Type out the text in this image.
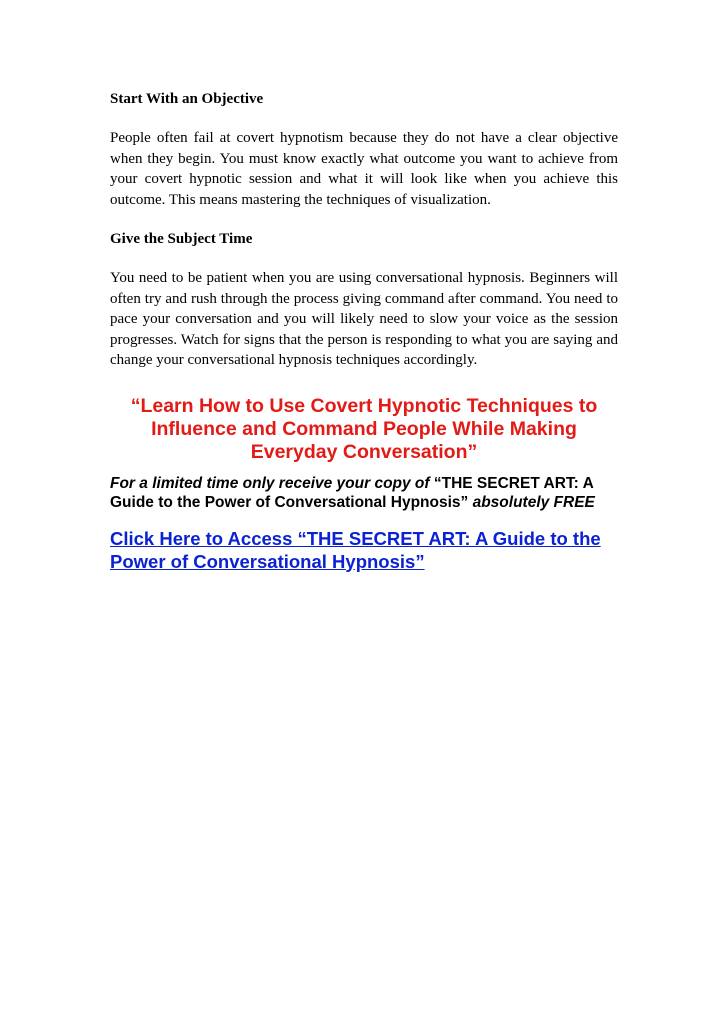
Start With an Objective
People often fail at covert hypnotism because they do not have a clear objective when they begin. You must know exactly what outcome you want to achieve from your covert hypnotic session and what it will look like when you achieve this outcome. This means mastering the techniques of visualization.
Give the Subject Time
You need to be patient when you are using conversational hypnosis. Beginners will often try and rush through the process giving command after command. You need to pace your conversation and you will likely need to slow your voice as the session progresses. Watch for signs that the person is responding to what you are saying and change your conversational hypnosis techniques accordingly.
“Learn How to Use Covert Hypnotic Techniques to Influence and Command People While Making Everyday Conversation”
For a limited time only receive your copy of “THE SECRET ART: A Guide to the Power of Conversational Hypnosis” absolutely FREE
Click Here to Access “THE SECRET ART: A Guide to the Power of Conversational Hypnosis”
